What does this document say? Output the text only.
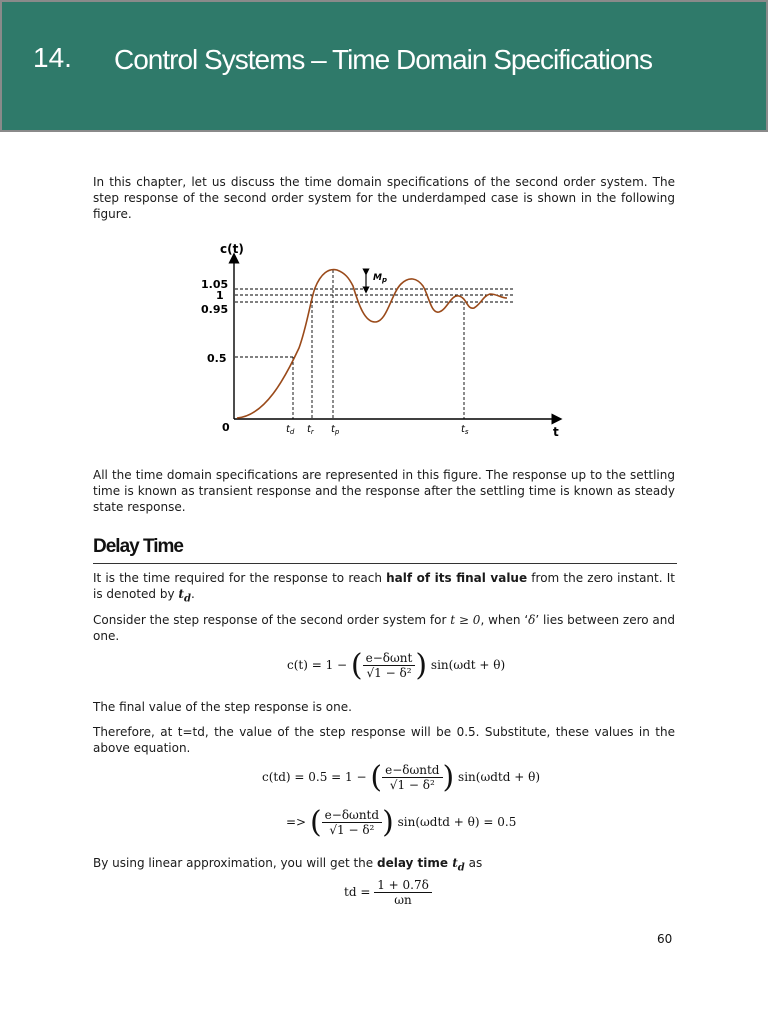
14. Control Systems – Time Domain Specifications
In this chapter, let us discuss the time domain specifications of the second order system. The step response of the second order system for the underdamped case is shown in the following figure.
c(t)
t
1.05
1
0.95
0.5
0
$M_p$
$t_d$ $t_r$ $t_p$	$t_s$
All the time domain specifications are represented in this figure. The response up to the settling time is known as transient response and the response after the settling time is known as steady state response.
Delay Time
It is the time required for the response to reach half of its final value from the zero instant. It is denoted by $t_d$.
Consider the step response of the second order system for t ≥ 0, when ‘δ’ lies between zero and one.
c(t) = 1 − ( $\frac{\text{e−δωnt}}{\text{√1 − δ²}}$ ) sin(ωdt + θ)
The final value of the step response is one.
Therefore, at t=td, the value of the step response will be 0.5. Substitute, these values in the above equation.
c(td) = 0.5 = 1 − ( $\frac{\text{e−δωntd}}{\text{√1 − δ²}}$ ) sin(ωdtd + θ)
=> ( $\frac{\text{e−δωntd}}{\text{√1 − δ²}}$ ) sin(ωdtd + θ) = 0.5
By using linear approximation, you will get the delay time $t_d$ as
td = $\frac{1 + 0.7\delta}{\omega n}$
60
